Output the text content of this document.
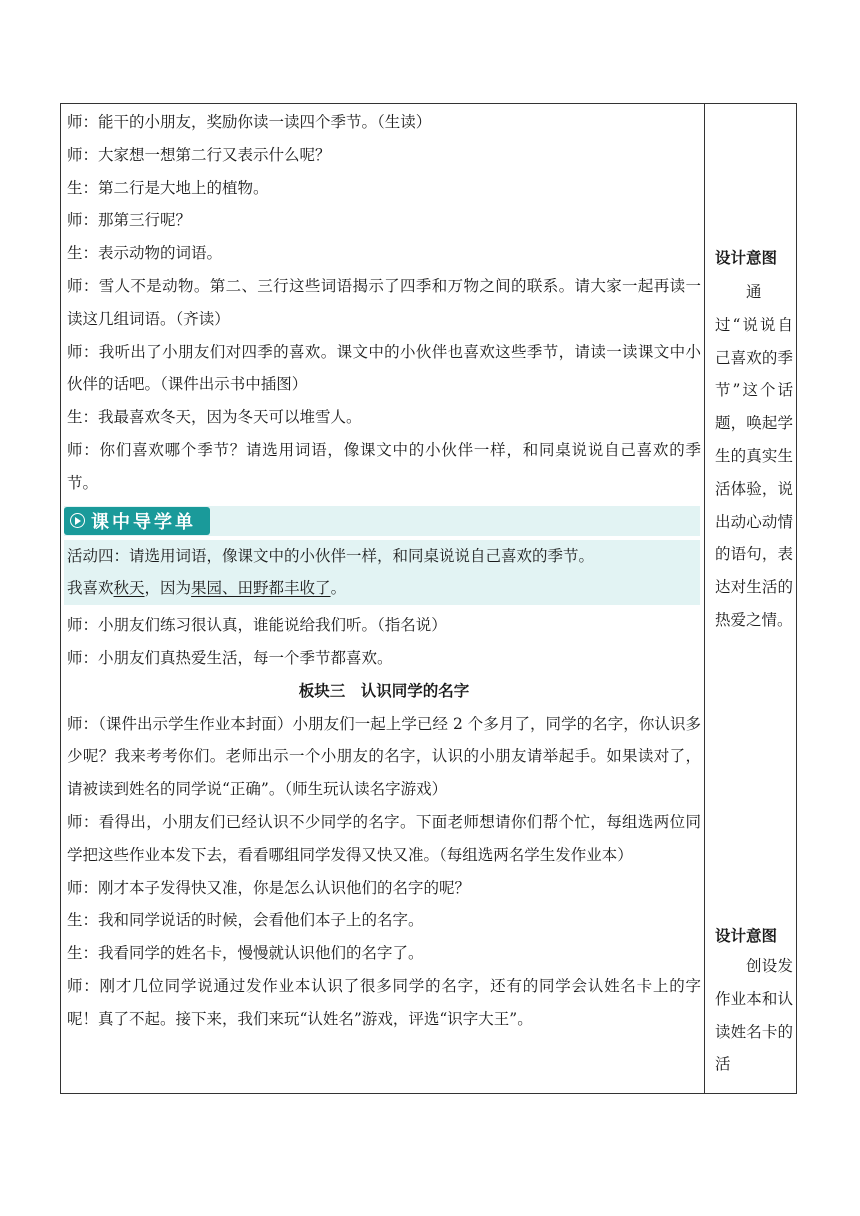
师：能干的小朋友，奖励你读一读四个季节。（生读）
师：大家想一想第二行又表示什么呢？
生：第二行是大地上的植物。
师：那第三行呢？
生：表示动物的词语。
师：雪人不是动物。第二、三行这些词语揭示了四季和万物之间的联系。请大家一起再读一读这几组词语。（齐读）
师：我听出了小朋友们对四季的喜欢。课文中的小伙伴也喜欢这些季节，请读一读课文中小伙伴的话吧。（课件出示书中插图）
生：我最喜欢冬天，因为冬天可以堆雪人。
师：你们喜欢哪个季节？请选用词语，像课文中的小伙伴一样，和同桌说说自己喜欢的季节。
课中导学单
活动四：请选用词语，像课文中的小伙伴一样，和同桌说说自己喜欢的季节。
我喜欢秋天，因为果园、田野都丰收了。
师：小朋友们练习很认真，谁能说给我们听。（指名说）
师：小朋友们真热爱生活，每一个季节都喜欢。
板块三　认识同学的名字
师：（课件出示学生作业本封面）小朋友们一起上学已经 2 个多月了，同学的名字，你认识多少呢？我来考考你们。老师出示一个小朋友的名字，认识的小朋友请举起手。如果读对了，请被读到姓名的同学说“正确”。（师生玩认读名字游戏）
师：看得出，小朋友们已经认识不少同学的名字。下面老师想请你们帮个忙，每组选两位同学把这些作业本发下去，看看哪组同学发得又快又准。（每组选两名学生发作业本）
师：刚才本子发得快又准，你是怎么认识他们的名字的呢？
生：我和同学说话的时候，会看他们本子上的名字。
生：我看同学的姓名卡，慢慢就认识他们的名字了。
师：刚才几位同学说通过发作业本认识了很多同学的名字，还有的同学会认姓名卡上的字呢！真了不起。接下来，我们来玩“认姓名”游戏，评选“识字大王”。
设计意图
通过“说说自己喜欢的季节”这个话题，唤起学生的真实生活体验，说出动心动情的语句，表达对生活的热爱之情。
设计意图
创设发作业本和认读姓名卡的活
